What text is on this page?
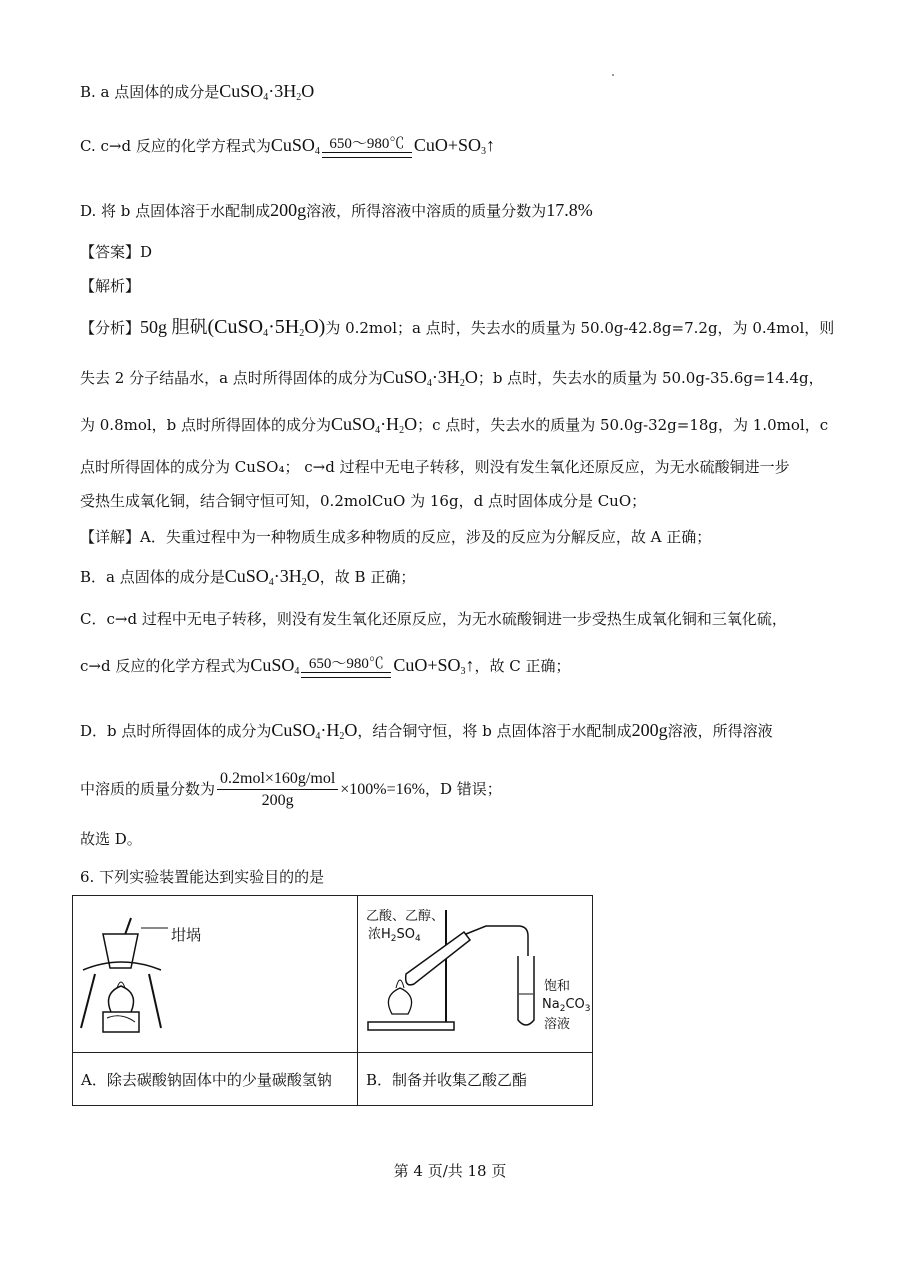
B. a 点固体的成分是$CuSO_4\cdot 3H_2O$
C. c→d 反应的化学方程式为CuSO$_4$ 650～980℃ $CuO+SO_3↑$
D. 将 b 点固体溶于水配制成200g溶液，所得溶液中溶质的质量分数为17.8%
【答案】D
【解析】
【分析】50g 胆矾$(CuSO_4\cdot 5H_2O)$为 0.2mol；a 点时，失去水的质量为 50.0g-42.8g=7.2g，为 0.4mol，则
失去 2 分子结晶水，a 点时所得固体的成分为$CuSO_4\cdot 3H_2O$；b 点时，失去水的质量为 50.0g-35.6g=14.4g，
为 0.8mol，b 点时所得固体的成分为$CuSO_4\cdot H_2O$；c 点时，失去水的质量为 50.0g-32g=18g，为 1.0mol，c
点时所得固体的成分为 CuSO₄； c→d 过程中无电子转移，则没有发生氧化还原反应，为无水硫酸铜进一步
受热生成氧化铜，结合铜守恒可知，0.2molCuO 为 16g，d 点时固体成分是 CuO；
【详解】A．失重过程中为一种物质生成多种物质的反应，涉及的反应为分解反应，故 A 正确；
B．a 点固体的成分是$CuSO_4\cdot 3H_2O$，故 B 正确；
C．c→d 过程中无电子转移，则没有发生氧化还原反应，为无水硫酸铜进一步受热生成氧化铜和三氧化硫，
c→d 反应的化学方程式为CuSO$_4$ 650～980℃ $CuO+SO_3↑$，故 C 正确；
D．b 点时所得固体的成分为$CuSO_4\cdot H_2O$，结合铜守恒，将 b 点固体溶于水配制成200g溶液，所得溶液
中溶质的质量分数为 $\frac{\text{0.2mol×160g/mol}}{200g} \times 100\%=16\%$，D 错误；
故选 D。
6. 下列实验装置能达到实验目的的是
坩埚	乙酸、乙醇、
浓$H_2SO_4$
饱和
$Na_2CO_3$
溶液

A．除去碳酸钠固体中的少量碳酸氢钠	B．制备并收集乙酸乙酯
第 4 页/共 18 页
